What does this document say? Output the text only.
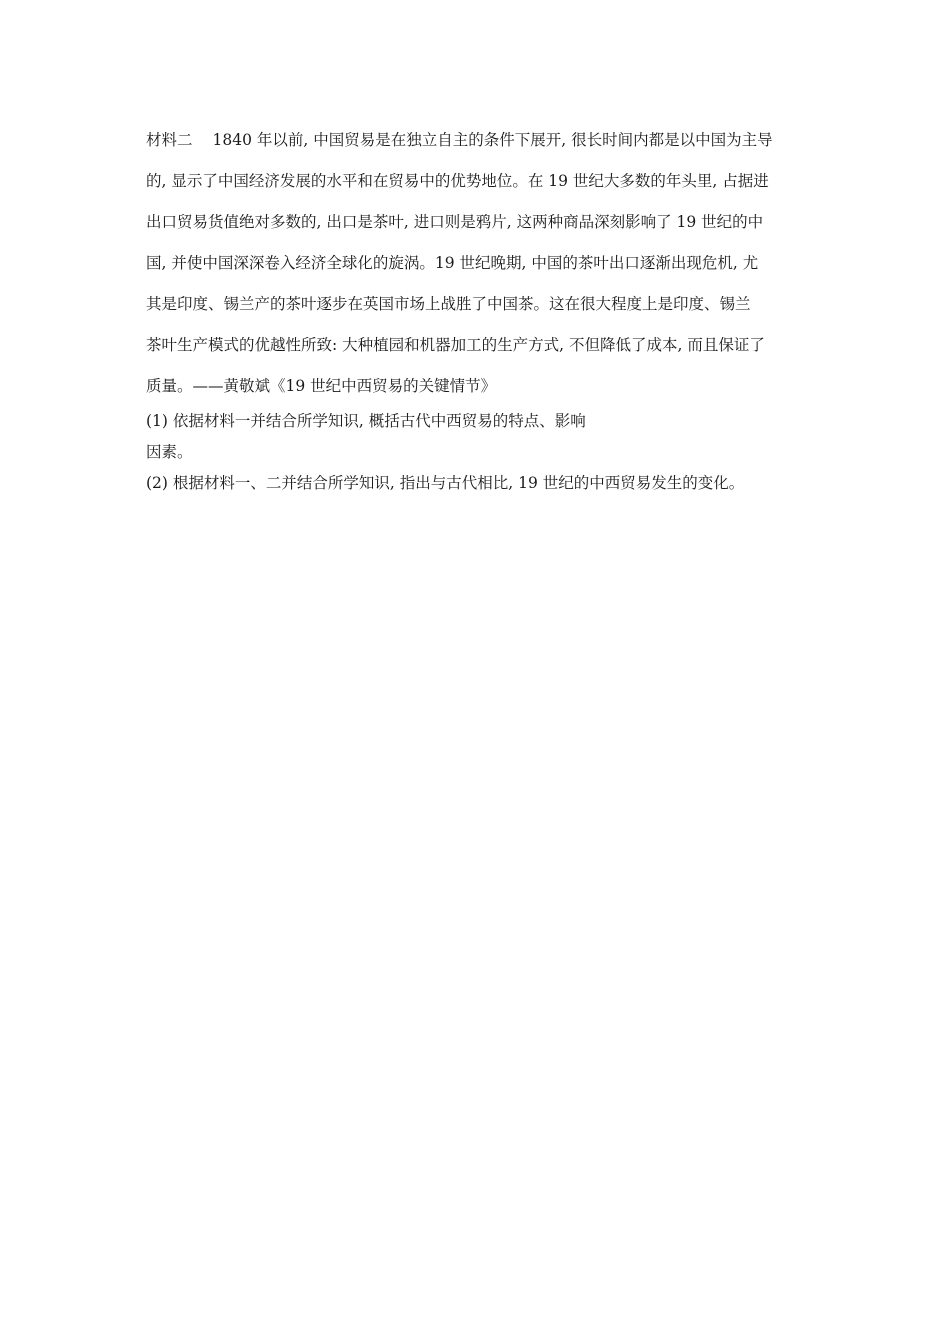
材料二 1840 年以前, 中国贸易是在独立自主的条件下展开, 很长时间内都是以中国为主导
的, 显示了中国经济发展的水平和在贸易中的优势地位。在 19 世纪大多数的年头里, 占据进
出口贸易货值绝对多数的, 出口是茶叶, 进口则是鸦片, 这两种商品深刻影响了 19 世纪的中
国, 并使中国深深卷入经济全球化的旋涡。19 世纪晚期, 中国的茶叶出口逐渐出现危机, 尤
其是印度、锡兰产的茶叶逐步在英国市场上战胜了中国茶。这在很大程度上是印度、锡兰
茶叶生产模式的优越性所致: 大种植园和机器加工的生产方式, 不但降低了成本, 而且保证了
质量。——黄敬斌《19 世纪中西贸易的关键情节》
(1) 依据材料一并结合所学知识, 概括古代中西贸易的特点、影响
因素。
(2) 根据材料一、二并结合所学知识, 指出与古代相比, 19 世纪的中西贸易发生的变化。
